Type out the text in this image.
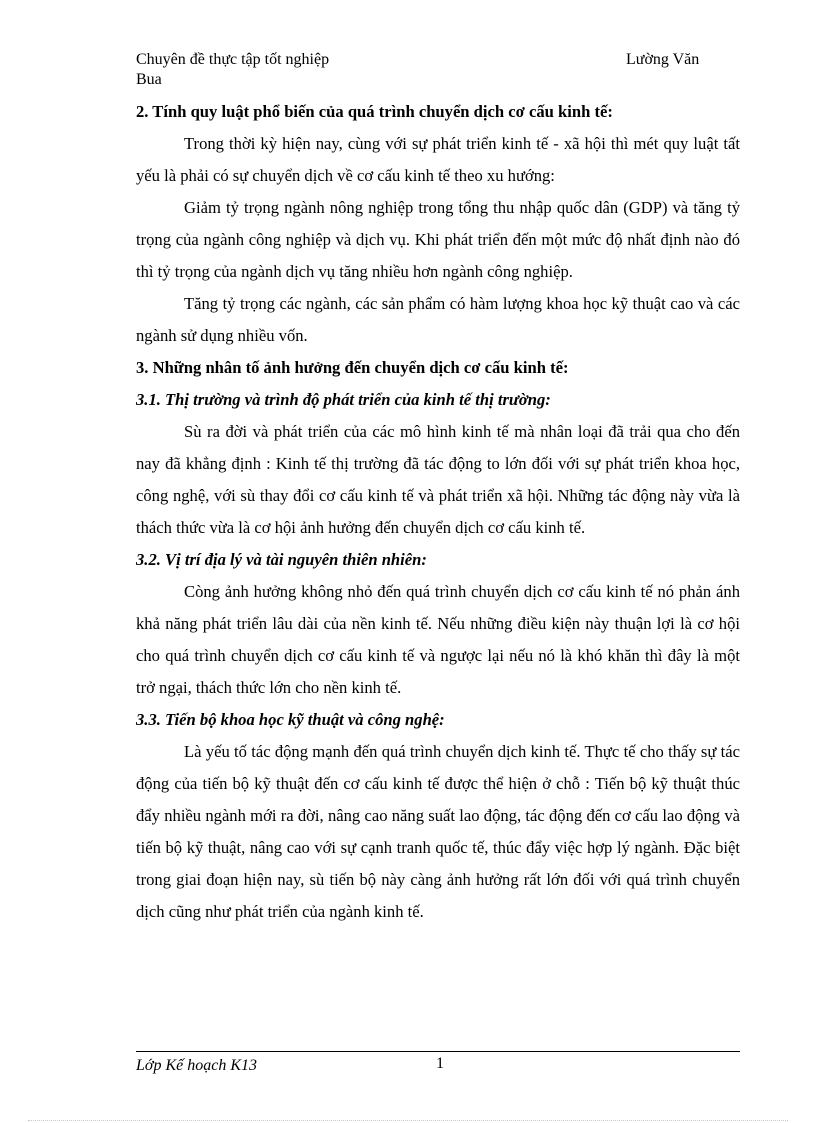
Chuyên đề thực tập tốt nghiệp	Lường Văn
Bua
2. Tính quy luật phổ biến của quá trình chuyển dịch cơ cấu kinh tế:

Trong thời kỳ hiện nay, cùng với sự phát triển kinh tế - xã hội thì mét quy luật tất yếu là phải có sự chuyển dịch về cơ cấu kinh tế theo xu hướng:

Giảm tỷ trọng ngành nông nghiệp trong tổng thu nhập quốc dân (GDP) và tăng tỷ trọng của ngành công nghiệp và dịch vụ. Khi phát triển đến một mức độ nhất định nào đó thì tỷ trọng của ngành dịch vụ tăng nhiều hơn ngành công nghiệp.

Tăng tỷ trọng các ngành, các sản phẩm có hàm lượng khoa học kỹ thuật cao và các ngành sử dụng nhiều vốn.

3. Những nhân tố ảnh hưởng đến chuyển dịch cơ cấu kinh tế:
3.1. Thị trường và trình độ phát triển của kinh tế thị trường:

Sù ra đời và phát triển của các mô hình kinh tế mà nhân loại đã trải qua cho đến nay đã khẳng định : Kinh tế thị trường đã tác động to lớn đối với sự phát triển khoa học, công nghệ, với sù thay đổi cơ cấu kinh tế và phát triển xã hội. Những tác động này vừa là thách thức vừa là cơ hội ảnh hưởng đến chuyển dịch cơ cấu kinh tế.

3.2. Vị trí địa lý và tài nguyên thiên nhiên:

Còng ảnh hưởng không nhỏ đến quá trình chuyển dịch cơ cấu kinh tế nó phản ánh khả năng phát triển lâu dài của nền kinh tế. Nếu những điều kiện này thuận lợi là cơ hội cho quá trình chuyển dịch cơ cấu kinh tế và ngược lại nếu nó là khó khăn thì đây là một trở ngại, thách thức lớn cho nền kinh tế.

3.3. Tiến bộ khoa học kỹ thuật và công nghệ:

Là yếu tố tác động mạnh đến quá trình chuyển dịch kinh tế. Thực tế cho thấy sự tác động của tiến bộ kỹ thuật đến cơ cấu kinh tế được thể hiện ở chỗ : Tiến bộ kỹ thuật thúc đẩy nhiều ngành mới ra đời, nâng cao năng suất lao động, tác động đến cơ cấu lao động và tiến bộ kỹ thuật, nâng cao với sự cạnh tranh quốc tế, thúc đẩy việc hợp lý ngành. Đặc biệt trong giai đoạn hiện nay, sù tiến bộ này càng ảnh hưởng rất lớn đối với quá trình chuyển dịch cũng như phát triển của ngành kinh tế.

Lớp Kế hoạch K13	1
